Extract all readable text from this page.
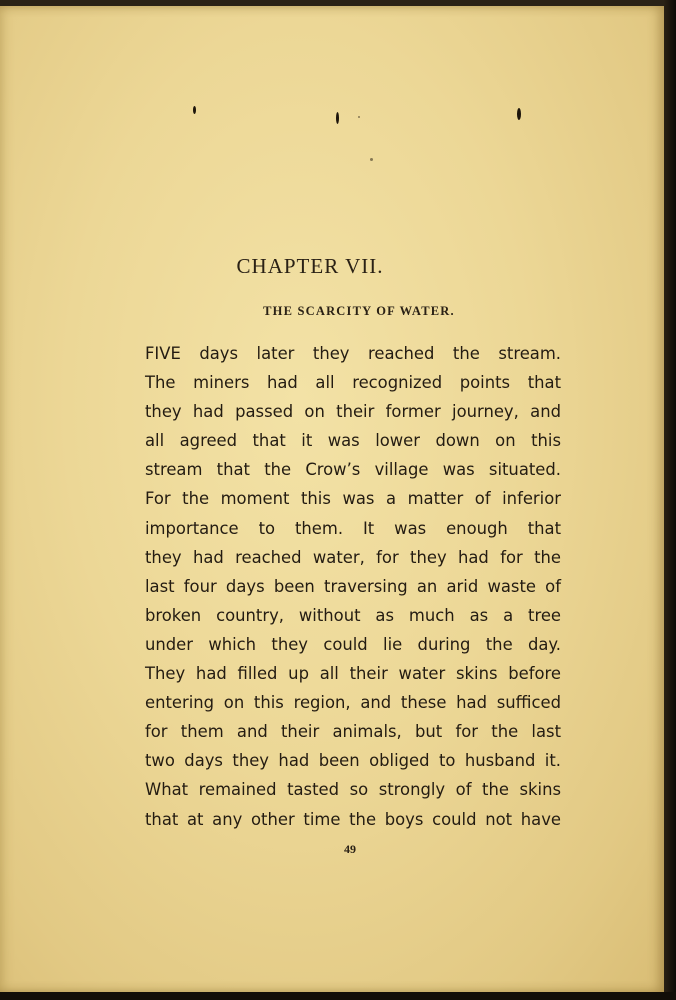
CHAPTER VII.
THE SCARCITY OF WATER.
FIVE days later they reached the stream.
The miners had all recognized points that
they had passed on their former journey, and
all agreed that it was lower down on this
stream that the Crow’s village was situated.
For the moment this was a matter of inferior
importance to them. It was enough that
they had reached water, for they had for the
last four days been traversing an arid waste of
broken country, without as much as a tree
under which they could lie during the day.
They had filled up all their water skins before
entering on this region, and these had sufficed
for them and their animals, but for the last
two days they had been obliged to husband it.
What remained tasted so strongly of the skins
that at any other time the boys could not have
49
